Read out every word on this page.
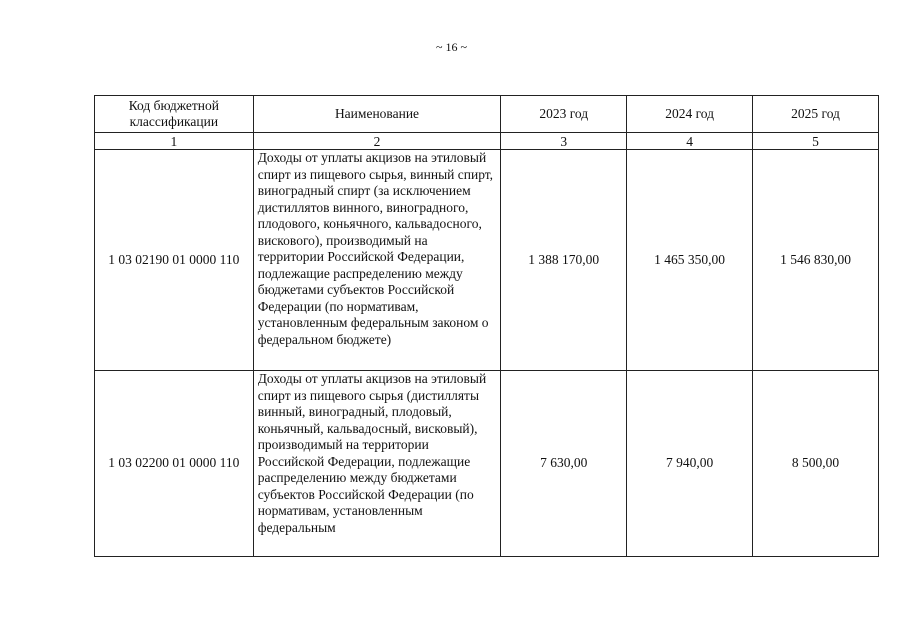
~ 16 ~
Код бюджетной классификации	Наименование	2023 год	2024 год	2025 год
1	2	3	4	5
1 03 02190 01 0000 110	Доходы от уплаты акцизов на этиловый спирт из пищевого сырья, винный спирт, виноградный спирт (за исключением дистиллятов винного, виноградного, плодового, коньячного, кальвадосного, вискового), производимый на территории Российской Федерации, подлежащие распределению между бюджетами субъектов Российской Федерации (по нормативам, установленным федеральным законом о федеральном бюджете)	1 388 170,00	1 465 350,00	1 546 830,00
1 03 02200 01 0000 110	Доходы от уплаты акцизов на этиловый спирт из пищевого сырья (дистилляты винный, виноградный, плодовый, коньячный, кальвадосный, висковый), производимый на территории Российской Федерации, подлежащие распределению между бюджетами субъектов Российской Федерации (по нормативам, установленным федеральным	7 630,00	7 940,00	8 500,00
